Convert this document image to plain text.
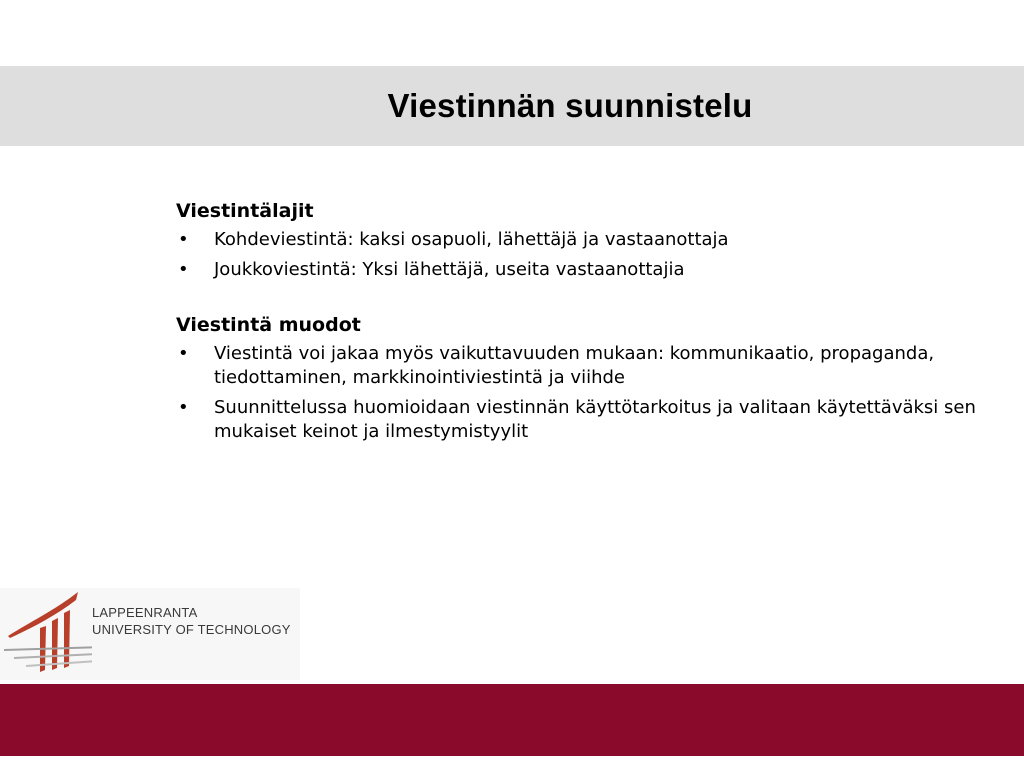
Viestinnän suunnistelu
Viestintälajit
•	Kohdeviestintä: kaksi osapuoli, lähettäjä ja vastaanottaja
•	Joukkoviestintä: Yksi lähettäjä, useita vastaanottajia
Viestintä muodot
•	Viestintä voi jakaa myös vaikuttavuuden mukaan: kommunikaatio, propaganda, tiedottaminen, markkinointiviestintä ja viihde
•	Suunnittelussa huomioidaan viestinnän käyttötarkoitus ja valitaan käytettäväksi sen mukaiset keinot ja ilmestymistyylit
LAPPEENRANTA
UNIVERSITY OF TECHNOLOGY
